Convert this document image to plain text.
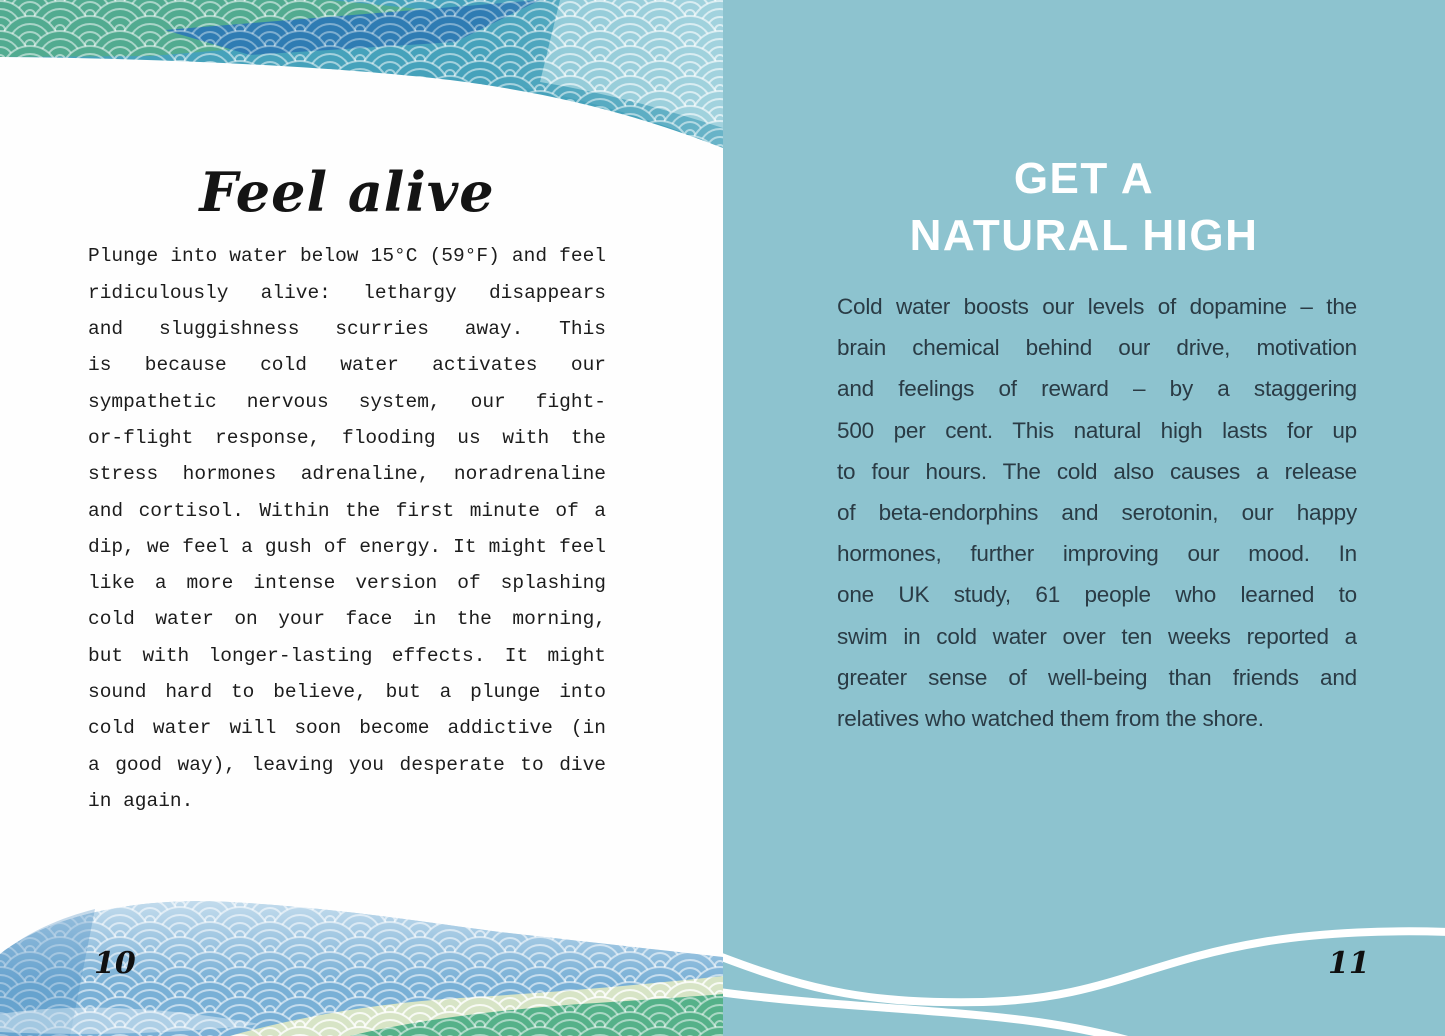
Feel alive
Plunge into water below 15°C (59°F) and feel
ridiculously alive: lethargy disappears
and sluggishness scurries away. This
is because cold water activates our
sympathetic nervous system, our fight-
or-flight response, flooding us with the
stress hormones adrenaline, noradrenaline
and cortisol. Within the first minute of a
dip, we feel a gush of energy. It might feel
like a more intense version of splashing
cold water on your face in the morning,
but with longer-lasting effects. It might
sound hard to believe, but a plunge into
cold water will soon become addictive (in
a good way), leaving you desperate to dive
in again.
10
GET A
NATURAL HIGH
Cold water boosts our levels of dopamine – the
brain chemical behind our drive, motivation
and feelings of reward – by a staggering
500 per cent. This natural high lasts for up
to four hours. The cold also causes a release
of beta-endorphins and serotonin, our happy
hormones, further improving our mood. In
one UK study, 61 people who learned to
swim in cold water over ten weeks reported a
greater sense of well-being than friends and
relatives who watched them from the shore.
11
